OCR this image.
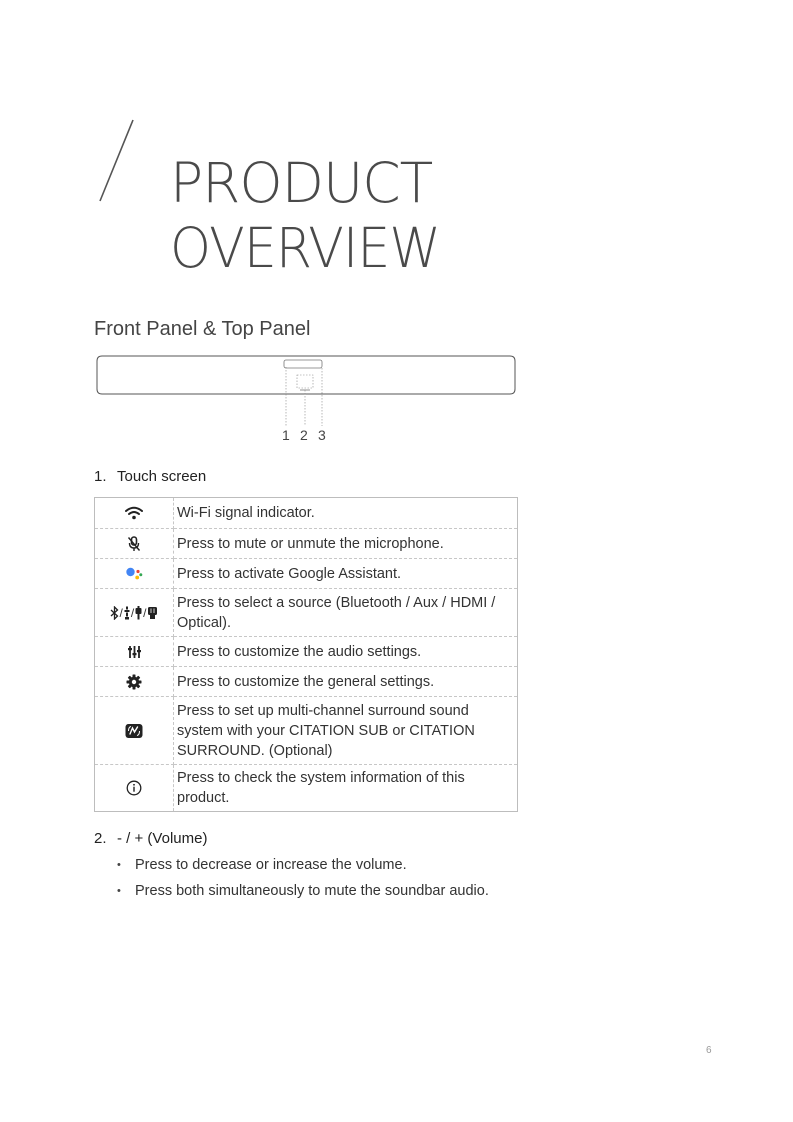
PRODUCT
OVERVIEW
Front Panel & Top Panel
1 2 3
1. Touch screen
	Wi-Fi signal indicator.
	Press to mute or unmute the microphone.
	Press to activate Google Assistant.
/ / /	Press to select a source (Bluetooth / Aux / HDMI / Optical).
	Press to customize the audio settings.
	Press to customize the general settings.
	Press to set up multi-channel surround sound system with your CITATION SUB or CITATION SURROUND. (Optional)
	Press to check the system information of this product.
2. - / + (Volume)
• Press to decrease or increase the volume.
• Press both simultaneously to mute the soundbar audio.
6
